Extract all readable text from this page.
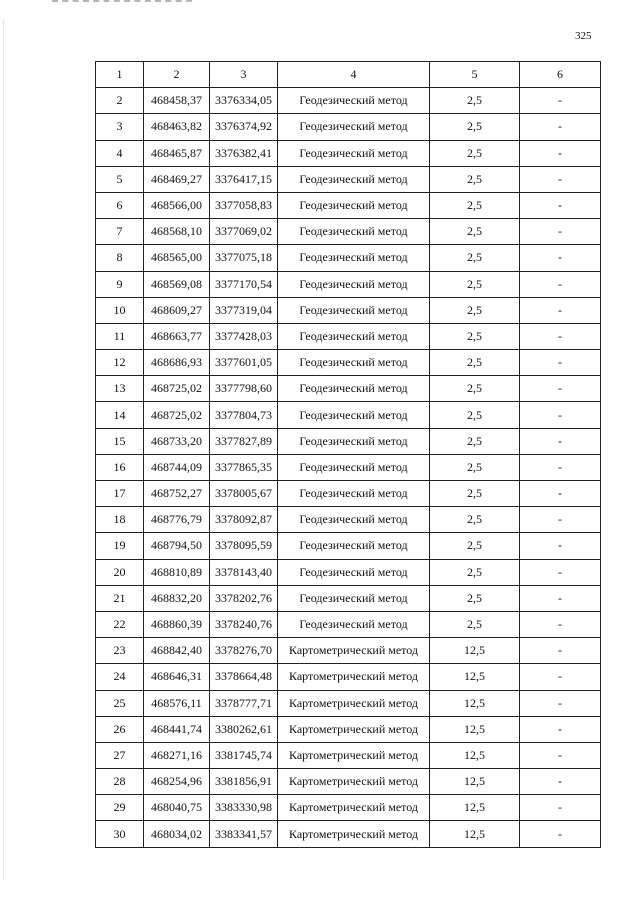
325
1	2	3	4	5	6
2	468458,37	3376334,05	Геодезический метод	2,5	-
3	468463,82	3376374,92	Геодезический метод	2,5	-
4	468465,87	3376382,41	Геодезический метод	2,5	-
5	468469,27	3376417,15	Геодезический метод	2,5	-
6	468566,00	3377058,83	Геодезический метод	2,5	-
7	468568,10	3377069,02	Геодезический метод	2,5	-
8	468565,00	3377075,18	Геодезический метод	2,5	-
9	468569,08	3377170,54	Геодезический метод	2,5	-
10	468609,27	3377319,04	Геодезический метод	2,5	-
11	468663,77	3377428,03	Геодезический метод	2,5	-
12	468686,93	3377601,05	Геодезический метод	2,5	-
13	468725,02	3377798,60	Геодезический метод	2,5	-
14	468725,02	3377804,73	Геодезический метод	2,5	-
15	468733,20	3377827,89	Геодезический метод	2,5	-
16	468744,09	3377865,35	Геодезический метод	2,5	-
17	468752,27	3378005,67	Геодезический метод	2,5	-
18	468776,79	3378092,87	Геодезический метод	2,5	-
19	468794,50	3378095,59	Геодезический метод	2,5	-
20	468810,89	3378143,40	Геодезический метод	2,5	-
21	468832,20	3378202,76	Геодезический метод	2,5	-
22	468860,39	3378240,76	Геодезический метод	2,5	-
23	468842,40	3378276,70	Картометрический метод	12,5	-
24	468646,31	3378664,48	Картометрический метод	12,5	-
25	468576,11	3378777,71	Картометрический метод	12,5	-
26	468441,74	3380262,61	Картометрический метод	12,5	-
27	468271,16	3381745,74	Картометрический метод	12,5	-
28	468254,96	3381856,91	Картометрический метод	12,5	-
29	468040,75	3383330,98	Картометрический метод	12,5	-
30	468034,02	3383341,57	Картометрический метод	12,5	-
